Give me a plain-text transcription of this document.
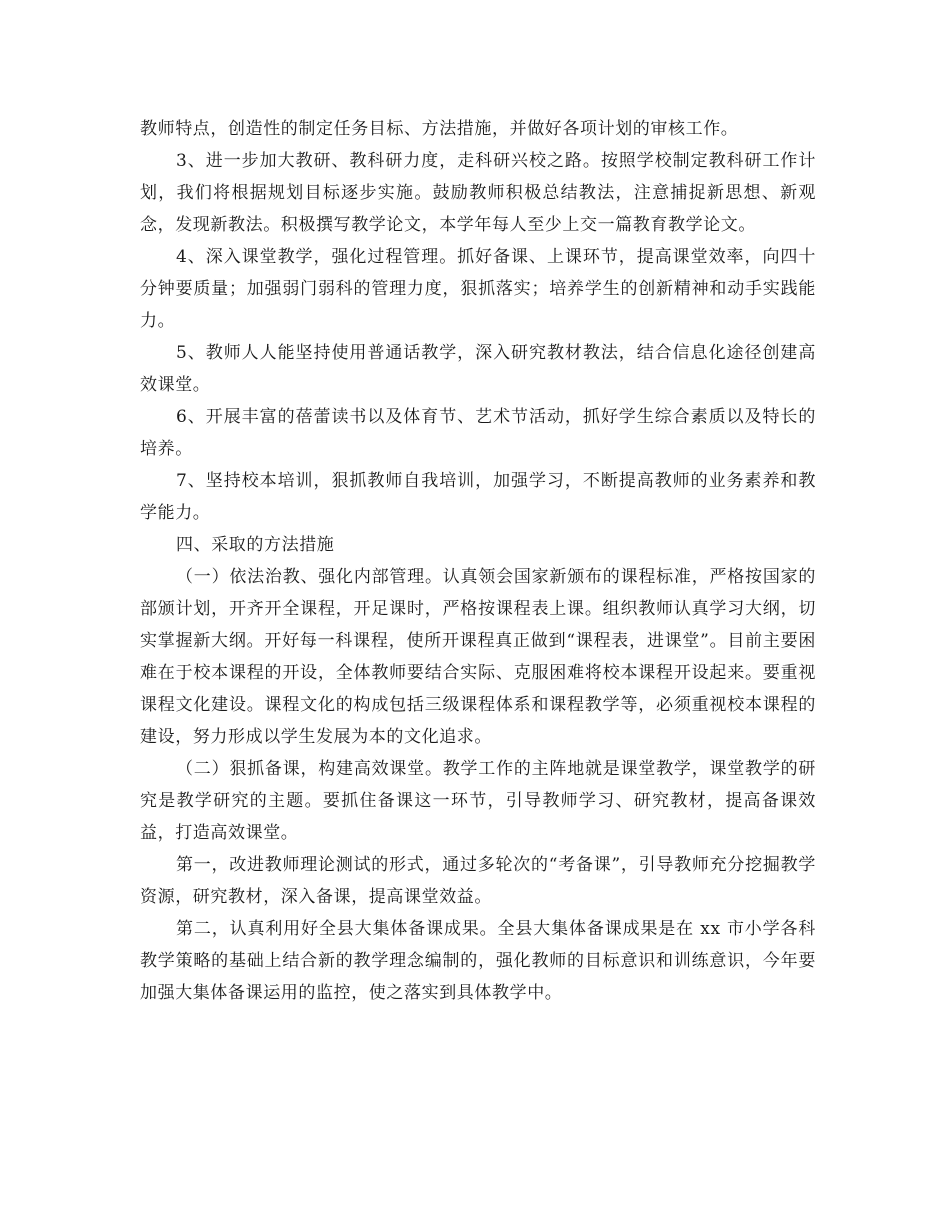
教师特点，创造性的制定任务目标、方法措施，并做好各项计划的审核工作。

3、进一步加大教研、教科研力度，走科研兴校之路。按照学校制定教科研工作计划，我们将根据规划目标逐步实施。鼓励教师积极总结教法，注意捕捉新思想、新观念，发现新教法。积极撰写教学论文，本学年每人至少上交一篇教育教学论文。

4、深入课堂教学，强化过程管理。抓好备课、上课环节，提高课堂效率，向四十分钟要质量；加强弱门弱科的管理力度，狠抓落实；培养学生的创新精神和动手实践能力。

5、教师人人能坚持使用普通话教学，深入研究教材教法，结合信息化途径创建高效课堂。

6、开展丰富的蓓蕾读书以及体育节、艺术节活动，抓好学生综合素质以及特长的培养。

7、坚持校本培训，狠抓教师自我培训，加强学习，不断提高教师的业务素养和教学能力。

四、采取的方法措施

（一）依法治教、强化内部管理。认真领会国家新颁布的课程标准，严格按国家的部颁计划，开齐开全课程，开足课时，严格按课程表上课。组织教师认真学习大纲，切实掌握新大纲。开好每一科课程，使所开课程真正做到“课程表，进课堂”。目前主要困难在于校本课程的开设，全体教师要结合实际、克服困难将校本课程开设起来。要重视课程文化建设。课程文化的构成包括三级课程体系和课程教学等，必须重视校本课程的建设，努力形成以学生发展为本的文化追求。

（二）狠抓备课，构建高效课堂。教学工作的主阵地就是课堂教学，课堂教学的研究是教学研究的主题。要抓住备课这一环节，引导教师学习、研究教材，提高备课效益，打造高效课堂。

第一，改进教师理论测试的形式，通过多轮次的“考备课”，引导教师充分挖掘教学资源，研究教材，深入备课，提高课堂效益。

第二，认真利用好全县大集体备课成果。全县大集体备课成果是在 xx 市小学各科教学策略的基础上结合新的教学理念编制的，强化教师的目标意识和训练意识，今年要加强大集体备课运用的监控，使之落实到具体教学中。
